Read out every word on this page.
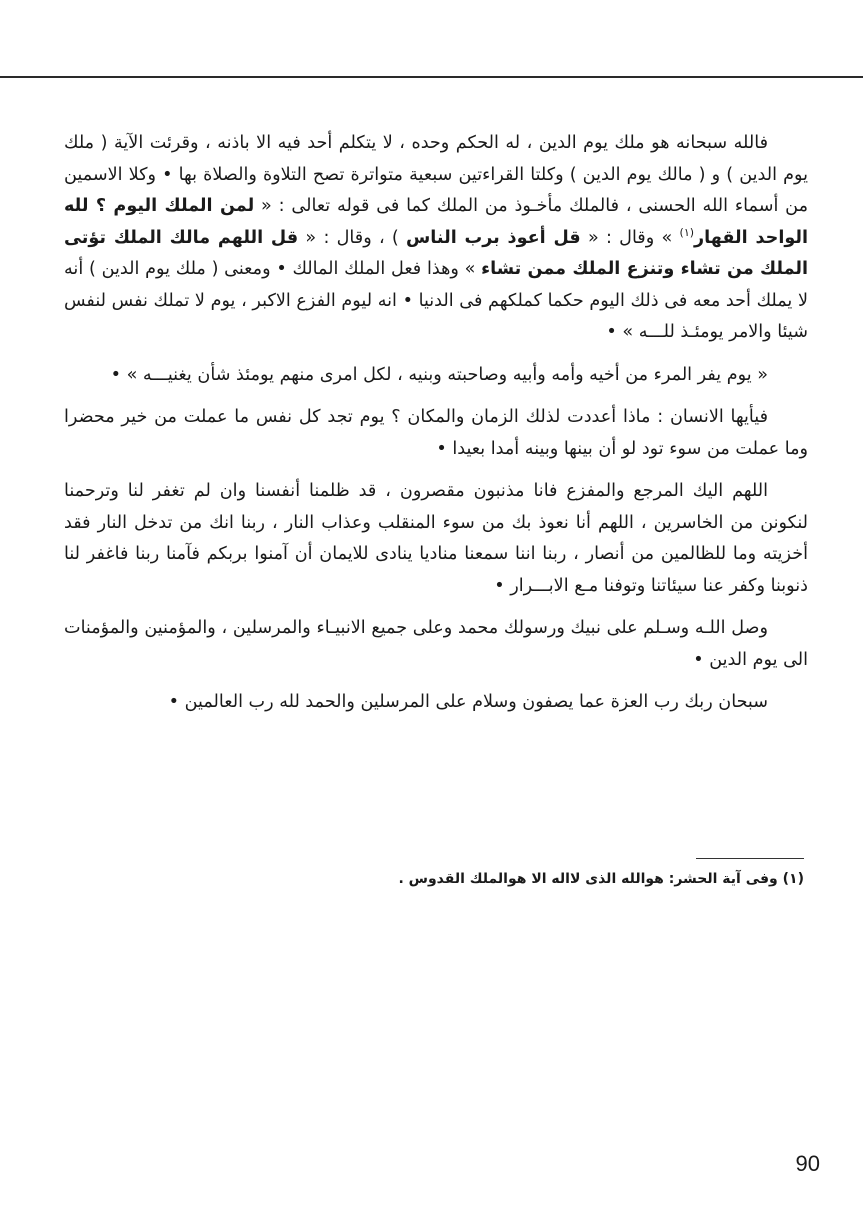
فالله سبحانه هو ملك يوم الدين ، له الحكم وحده ، لا يتكلم أحد فيه الا باذنه ، وقرئت الآية ( ملك يوم الدين ) و ( مالك يوم الدين ) وكلتا القراءتين سبعية متواترة تصح التلاوة والصلاة بها • وكلا الاسمين من أسماء الله الحسنى ، فالملك مأخـوذ من الملك كما فى قوله تعالى : « لمن الملك اليوم ؟ لله الواحد القهار$^{(١)}$ » وقال : « قل أعوذ برب الناس ) ، وقال : « قل اللهم مالك الملك تؤتى الملك من تشاء وتنزع الملك ممن تشاء » وهذا فعل الملك المالك • ومعنى ( ملك يوم الدين ) أنه لا يملك أحد معه فى ذلك اليوم حكما كملكهم فى الدنيا • انه ليوم الفزع الاكبر ، يوم لا تملك نفس لنفس شيئا والامر يومئـذ للـــه » •

« يوم يفر المرء من أخيه وأمه وأبيه وصاحبته وبنيه ، لكل امرى منهم يومئذ شأن يغنيـــه » •

فيأيها الانسان : ماذا أعددت لذلك الزمان والمكان ؟ يوم تجد كل نفس ما عملت من خير محضرا وما عملت من سوء تود لو أن بينها وبينه أمدا بعيدا •

اللهم اليك المرجع والمفزع فانا مذنبون مقصرون ، قد ظلمنا أنفسنا وان لم تغفر لنا وترحمنا لنكونن من الخاسرين ، اللهم أنا نعوذ بك من سوء المنقلب وعذاب النار ، ربنا انك من تدخل النار فقد أخزيته وما للظالمين من أنصار ، ربنا اننا سمعنا مناديا ينادى للايمان أن آمنوا بربكم فآمنا ربنا فاغفر لنا ذنوبنا وكفر عنا سيئاتنا وتوفنا مـع الابـــرار •

وصل اللـه وسـلم على نبيك ورسولك محمد وعلى جميع الانبيـاء والمرسلين ، والمؤمنين والمؤمنات الى يوم الدين •

سبحان ربك رب العزة عما يصفون وسلام على المرسلين والحمد لله رب العالمين •

(١) وفى آية الحشر: هوالله الذى لااله الا هوالملك القدوس .
90
